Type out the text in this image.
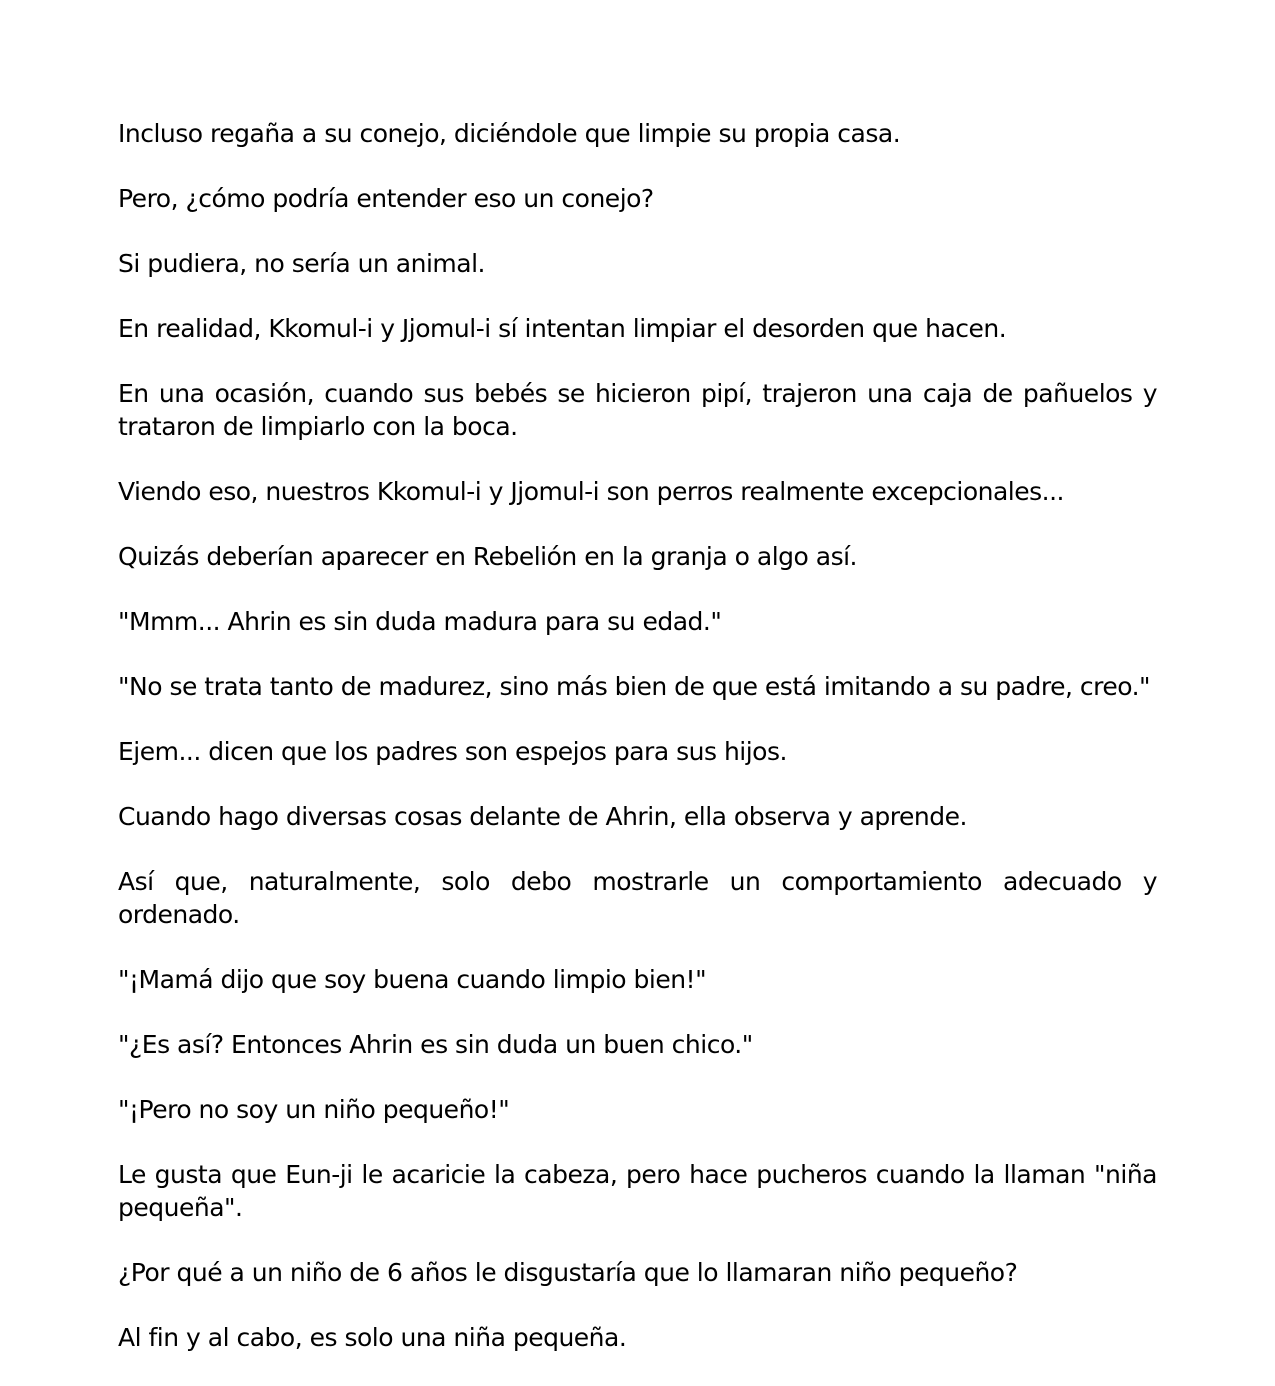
Incluso regaña a su conejo, diciéndole que limpie su propia casa.

Pero, ¿cómo podría entender eso un conejo?

Si pudiera, no sería un animal.

En realidad, Kkomul-i y Jjomul-i sí intentan limpiar el desorden que hacen.

En una ocasión, cuando sus bebés se hicieron pipí, trajeron una caja de pañuelos y trataron de limpiarlo con la boca.

Viendo eso, nuestros Kkomul-i y Jjomul-i son perros realmente excepcionales...

Quizás deberían aparecer en Rebelión en la granja o algo así.

"Mmm... Ahrin es sin duda madura para su edad."

"No se trata tanto de madurez, sino más bien de que está imitando a su padre, creo."

Ejem... dicen que los padres son espejos para sus hijos.

Cuando hago diversas cosas delante de Ahrin, ella observa y aprende.

Así que, naturalmente, solo debo mostrarle un comportamiento adecuado y ordenado.

"¡Mamá dijo que soy buena cuando limpio bien!"

"¿Es así? Entonces Ahrin es sin duda un buen chico."

"¡Pero no soy un niño pequeño!"

Le gusta que Eun-ji le acaricie la cabeza, pero hace pucheros cuando la llaman "niña pequeña".

¿Por qué a un niño de 6 años le disgustaría que lo llamaran niño pequeño?

Al fin y al cabo, es solo una niña pequeña.
